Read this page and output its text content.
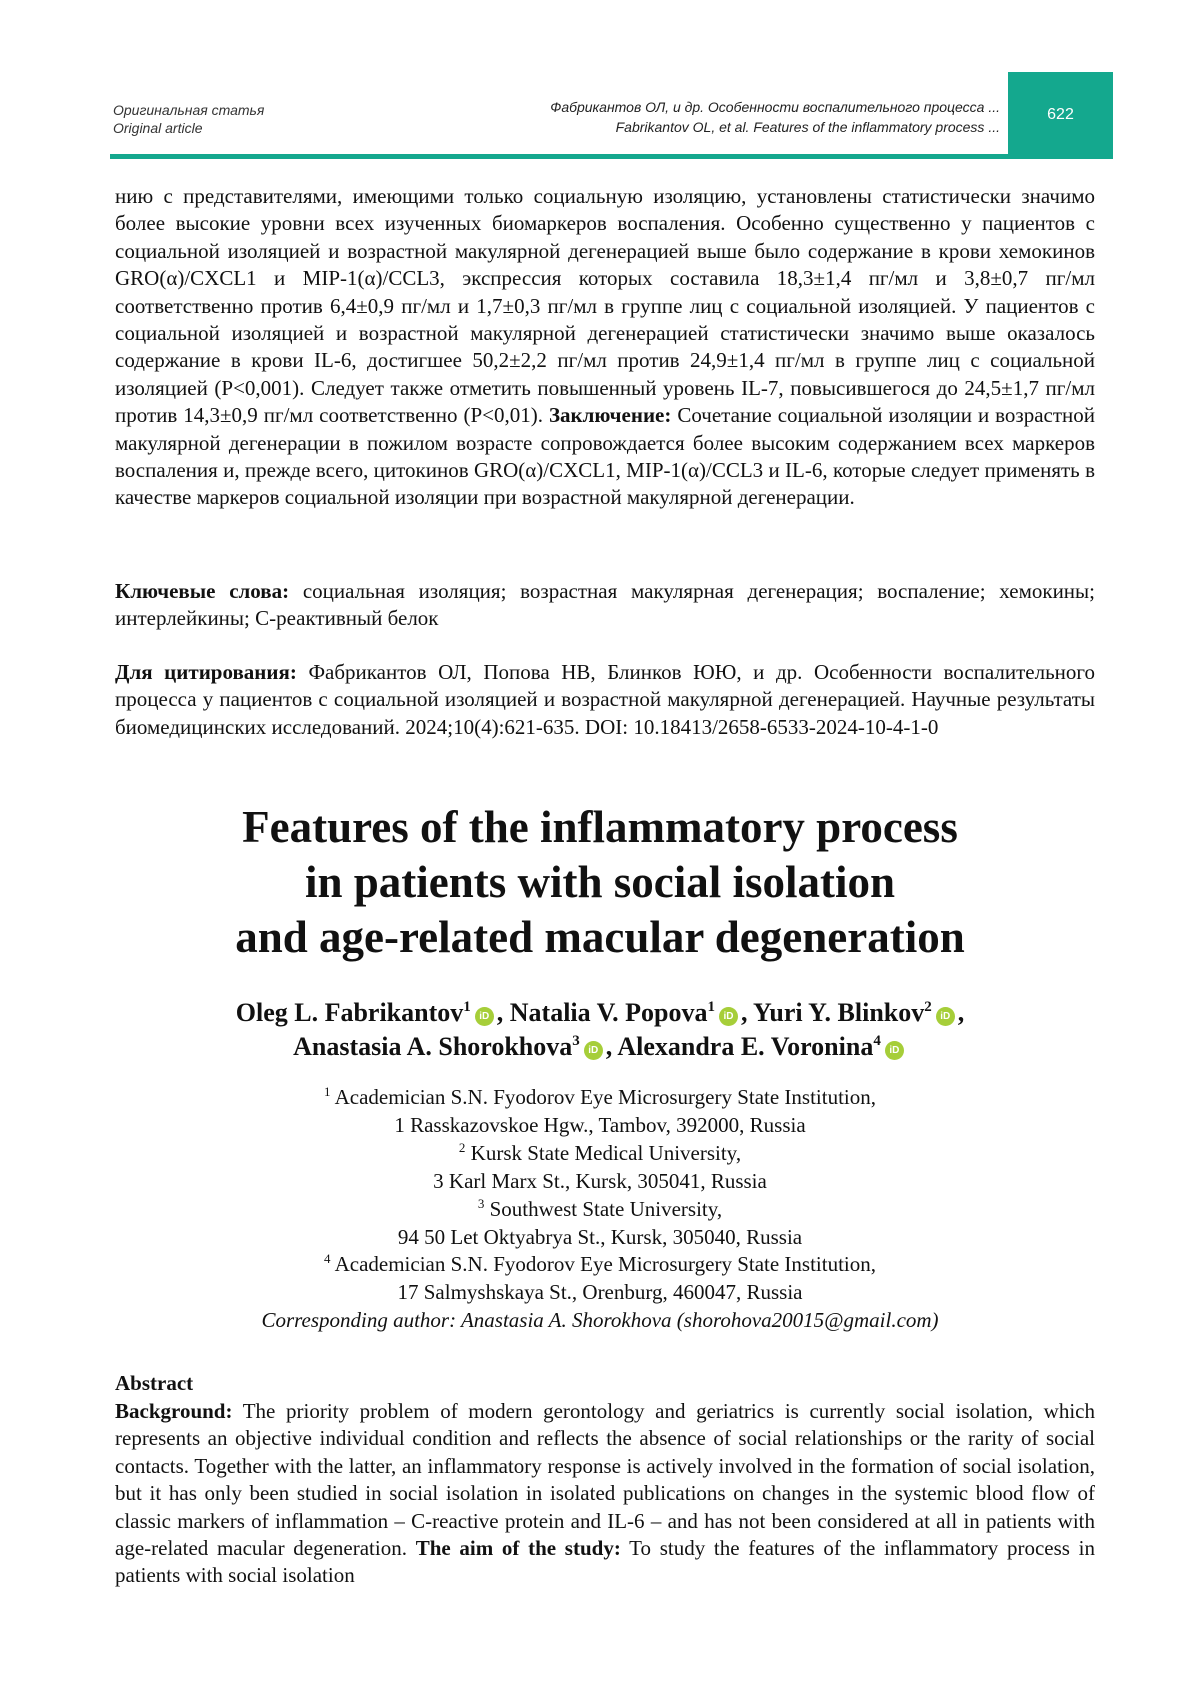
Оригинальная статья
Original article
Фабрикантов ОЛ, и др. Особенности воспалительного процесса ...
Fabrikantov OL, et al. Features of the inflammatory process ...
622
нию с представителями, имеющими только социальную изоляцию, установлены статистически значимо более высокие уровни всех изученных биомаркеров воспаления. Особенно существенно у пациентов с социальной изоляцией и возрастной макулярной дегенерацией выше было содержание в крови хемокинов GRO(α)/CXCL1 и MIP-1(α)/CCL3, экспрессия которых составила 18,3±1,4 пг/мл и 3,8±0,7 пг/мл соответственно против 6,4±0,9 пг/мл и 1,7±0,3 пг/мл в группе лиц с социальной изоляцией. У пациентов с социальной изоляцией и возрастной макулярной дегенерацией статистически значимо выше оказалось содержание в крови IL-6, достигшее 50,2±2,2 пг/мл против 24,9±1,4 пг/мл в группе лиц с социальной изоляцией (P<0,001). Следует также отметить повышенный уровень IL-7, повысившегося до 24,5±1,7 пг/мл против 14,3±0,9 пг/мл соответственно (P<0,01). Заключение: Сочетание социальной изоляции и возрастной макулярной дегенерации в пожилом возрасте сопровождается более высоким содержанием всех маркеров воспаления и, прежде всего, цитокинов GRO(α)/CXCL1, MIP-1(α)/CCL3 и IL-6, которые следует применять в качестве маркеров социальной изоляции при возрастной макулярной дегенерации.
Ключевые слова: социальная изоляция; возрастная макулярная дегенерация; воспаление; хемокины; интерлейкины; С-реактивный белок
Для цитирования: Фабрикантов ОЛ, Попова НВ, Блинков ЮЮ, и др. Особенности воспалительного процесса у пациентов с социальной изоляцией и возрастной макулярной дегенерацией. Научные результаты биомедицинских исследований. 2024;10(4):621-635. DOI: 10.18413/2658-6533-2024-10-4-1-0
Features of the inflammatory process
in patients with social isolation
and age-related macular degeneration
Oleg L. Fabrikantov1iD , Natalia V. Popova1iD , Yuri Y. Blinkov2iD ,
Anastasia A. Shorokhova3iD , Alexandra E. Voronina4iD
1 Academician S.N. Fyodorov Eye Microsurgery State Institution,
1 Rasskazovskoe Hgw., Tambov, 392000, Russia
2 Kursk State Medical University,
3 Karl Marx St., Kursk, 305041, Russia
3 Southwest State University,
94 50 Let Oktyabrya St., Kursk, 305040, Russia
4 Academician S.N. Fyodorov Eye Microsurgery State Institution,
17 Salmyshskaya St., Orenburg, 460047, Russia
Corresponding author: Anastasia A. Shorokhova (shorohova20015@gmail.com)
Abstract
Background: The priority problem of modern gerontology and geriatrics is currently social isolation, which represents an objective individual condition and reflects the absence of social relationships or the rarity of social contacts. Together with the latter, an inflammatory response is actively involved in the formation of social isolation, but it has only been studied in social isolation in isolated publications on changes in the systemic blood flow of classic markers of inflammation – C-reactive protein and IL-6 – and has not been considered at all in patients with age-related macular degeneration. The aim of the study: To study the features of the inflammatory process in patients with social isolation
